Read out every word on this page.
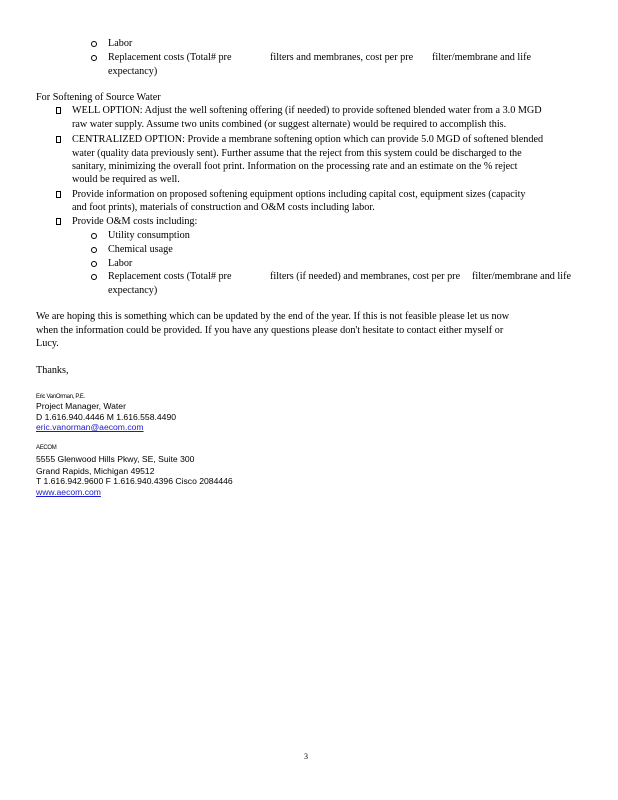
Labor
Replacement costs (Total# pre	filters and membranes, cost per pre filter/membrane and life
expectancy)
For Softening of Source Water
WELL OPTION: Adjust the well softening offering (if needed) to provide softened blended water from a 3.0 MGD
raw water supply. Assume two units combined (or suggest alternate) would be required to accomplish this.
CENTRALIZED OPTION: Provide a membrane softening option which can provide 5.0 MGD of softened blended
water (quality data previously sent). Further assume that the reject from this system could be discharged to the
sanitary, minimizing the overall foot print. Information on the processing rate and an estimate on the % reject
would be required as well.
Provide information on proposed softening equipment options including capital cost, equipment sizes (capacity
and foot prints), materials of construction and O&M costs including labor.
Provide O&M costs including:
Utility consumption
Chemical usage
Labor
Replacement costs (Total# pre	filters (if needed) and membranes, cost per pre filter/membrane and life
expectancy)
We are hoping this is something which can be updated by the end of the year. If this is not feasible please let us now
when the information could be provided. If you have any questions please don't hesitate to contact either myself or
Lucy.
Thanks,
Eric VanOrman, P.E.
Project Manager, Water
D 1.616.940.4446 M 1.616.558.4490
eric.vanorman@aecom.com
AECOM
5555 Glenwood Hills Pkwy, SE, Suite 300
Grand Rapids, Michigan 49512
T 1.616.942.9600 F 1.616.940.4396 Cisco 2084446
www.aecom.com
3
